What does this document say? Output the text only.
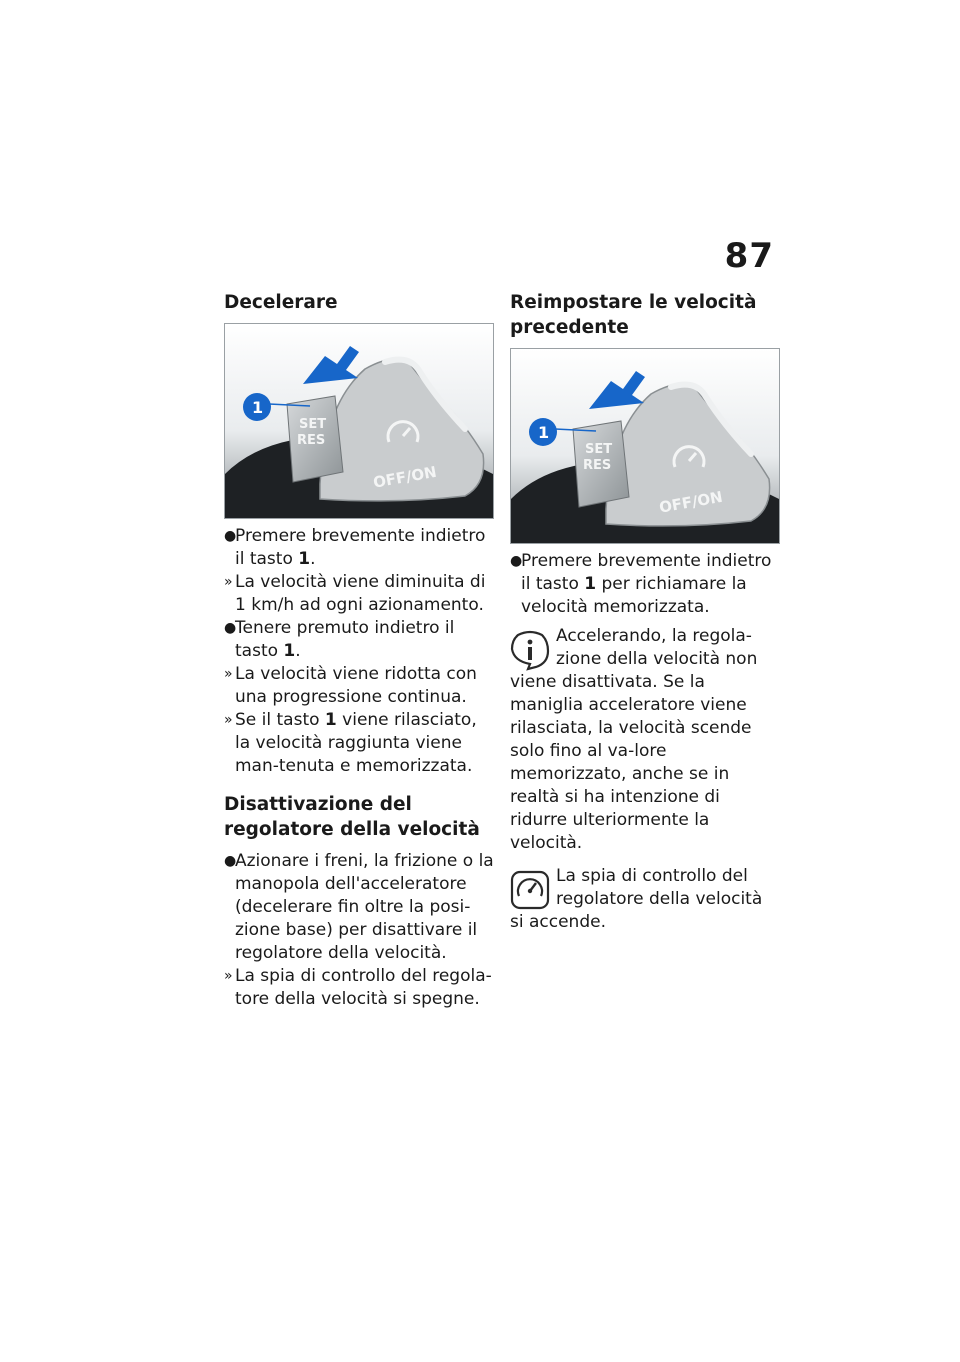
87
Decelerare
SET
RES
OFF/ON
1
●
Premere brevemente indietro il tasto 1.
» La velocità viene diminuita di 1 km/h ad ogni azionamento.
●
Tenere premuto indietro il tasto 1.
» La velocità viene ridotta con una progressione continua.
» Se il tasto 1 viene rilasciato, la velocità raggiunta viene man-tenuta e memorizzata.
Disattivazione del regolatore della velocità
●
Azionare i freni, la frizione o la manopola dell'acceleratore (decelerare fin oltre la posi-zione base) per disattivare il regolatore della velocità.
» La spia di controllo del regola-tore della velocità si spegne.
Reimpostare le velocità precedente
SET
RES
OFF/ON
1
●
Premere brevemente indietro il tasto 1 per richiamare la velocità memorizzata.
Accelerando, la regola-zione della velocità non viene disattivata. Se la maniglia acceleratore viene rilasciata, la velocità scende solo fino al va-lore memorizzato, anche se in realtà si ha intenzione di ridurre ulteriormente la velocità.
La spia di controllo del regolatore della velocità si accende.
